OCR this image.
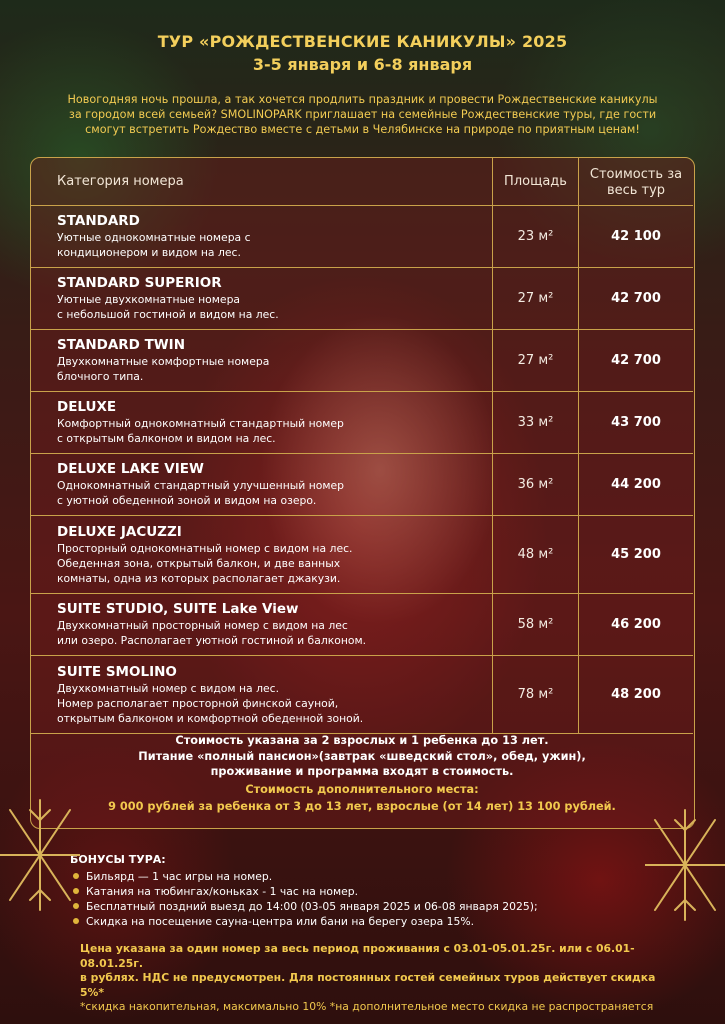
ТУР «РОЖДЕСТВЕНСКИЕ КАНИКУЛЫ» 2025
3-5 января и 6-8 января
Новогодняя ночь прошла, а так хочется продлить праздник и провести Рождественские каникулы за городом всей семьей? SMOLINOPARK приглашает на семейные Рождественские туры, где гости смогут встретить Рождество вместе с детьми в Челябинске на природе по приятным ценам!
Категория номера	Площадь	Стоимость за
весь тур

STANDARD
Уютные однокомнатные номера с
кондиционером и видом на лес.	23 м²	42 100

STANDARD SUPERIOR
Уютные двухкомнатные номера
с небольшой гостиной и видом на лес.	27 м²	42 700

STANDARD TWIN
Двухкомнатные комфортные номера
блочного типа.	27 м²	42 700

DELUXE
Комфортный однокомнатный стандартный номер
с открытым балконом и видом на лес.	33 м²	43 700

DELUXE LAKE VIEW
Однокомнатный стандартный улучшенный номер
с уютной обеденной зоной и видом на озеро.	36 м²	44 200

DELUXE JACUZZI
Просторный однокомнатный номер с видом на лес.
Обеденная зона, открытый балкон, и две ванных
комнаты, одна из которых располагает джакузи.	48 м²	45 200

SUITE STUDIO, SUITE Lake View
Двухкомнатный просторный номер с видом на лес
или озеро. Располагает уютной гостиной и балконом.	58 м²	46 200

SUITE SMOLINO
Двухкомнатный номер с видом на лес.
Номер располагает просторной финской сауной,
открытым балконом и комфортной обеденной зоной.	78 м²	48 200
Стоимость указана за 2 взрослых и 1 ребенка до 13 лет.
Питание «полный пансион»(завтрак «шведский стол», обед, ужин),
проживание и программа входят в стоимость.
Стоимость дополнительного места:
9 000 рублей за ребенка от 3 до 13 лет, взрослые (от 14 лет) 13 100 рублей.
БОНУСЫ ТУРА:
Бильярд — 1 час игры на номер.
Катания на тюбингах/коньках - 1 час на номер.
Бесплатный поздний выезд до 14:00 (03-05 января 2025 и 06-08 января 2025);
Скидка на посещение сауна-центра или бани на берегу озера 15%.
Цена указана за один номер за весь период проживания с 03.01-05.01.25г. или с 06.01-08.01.25г.
в рублях. НДС не предусмотрен. Для постоянных гостей семейных туров действует скидка 5%*
*скидка накопительная, максимально 10% *на дополнительное место скидка не распространяется
